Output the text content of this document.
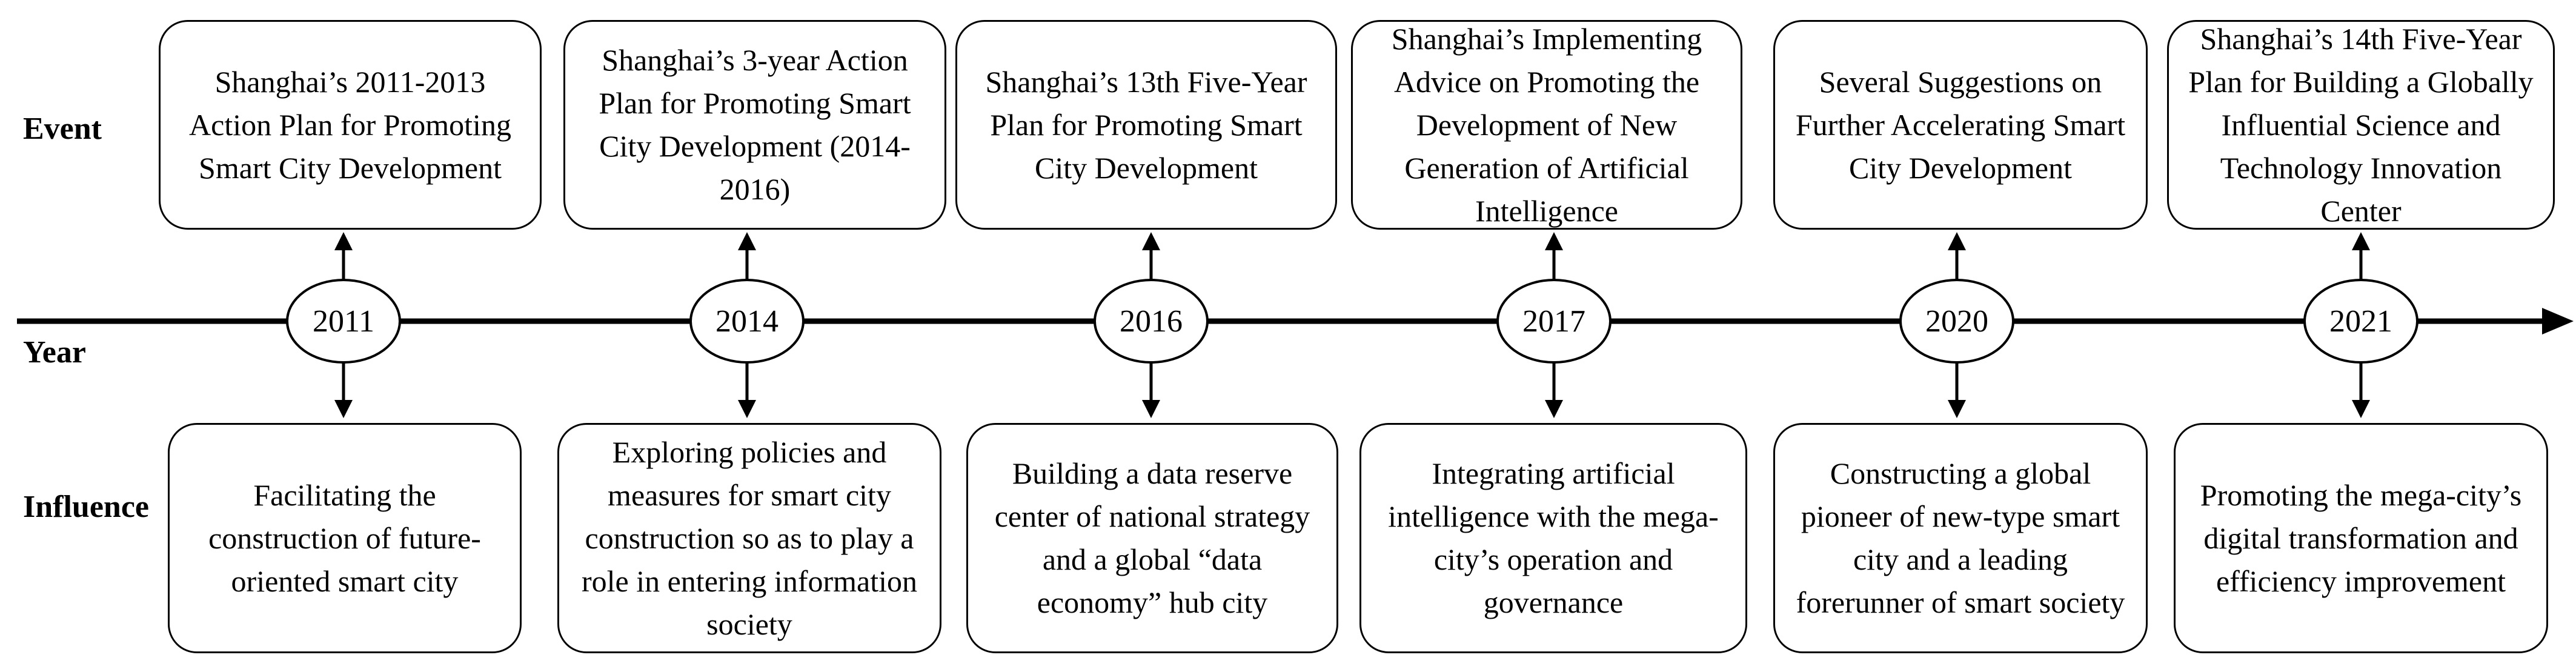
Event
Year
Influence
Shanghai’s 2011-2013 Action Plan for Promoting Smart City Development
2011
Facilitating the construction of future-oriented smart city
Shanghai’s 3-year Action Plan for Promoting Smart City Development (2014-2016)
2014
Exploring policies and measures for smart city construction so as to play a role in entering information society
Shanghai’s 13th Five-Year Plan for Promoting Smart City Development
2016
Building a data reserve center of national strategy and a global “data economy” hub city
Shanghai’s Implementing Advice on Promoting the Development of New Generation of Artificial Intelligence
2017
Integrating artificial intelligence with the mega-city’s operation and governance
Several Suggestions on Further Accelerating Smart City Development
2020
Constructing a global pioneer of new-type smart city and a leading forerunner of smart society
Shanghai’s 14th Five-Year Plan for Building a Globally Influential Science and Technology Innovation Center
2021
Promoting the mega-city’s digital transformation and efficiency improvement
